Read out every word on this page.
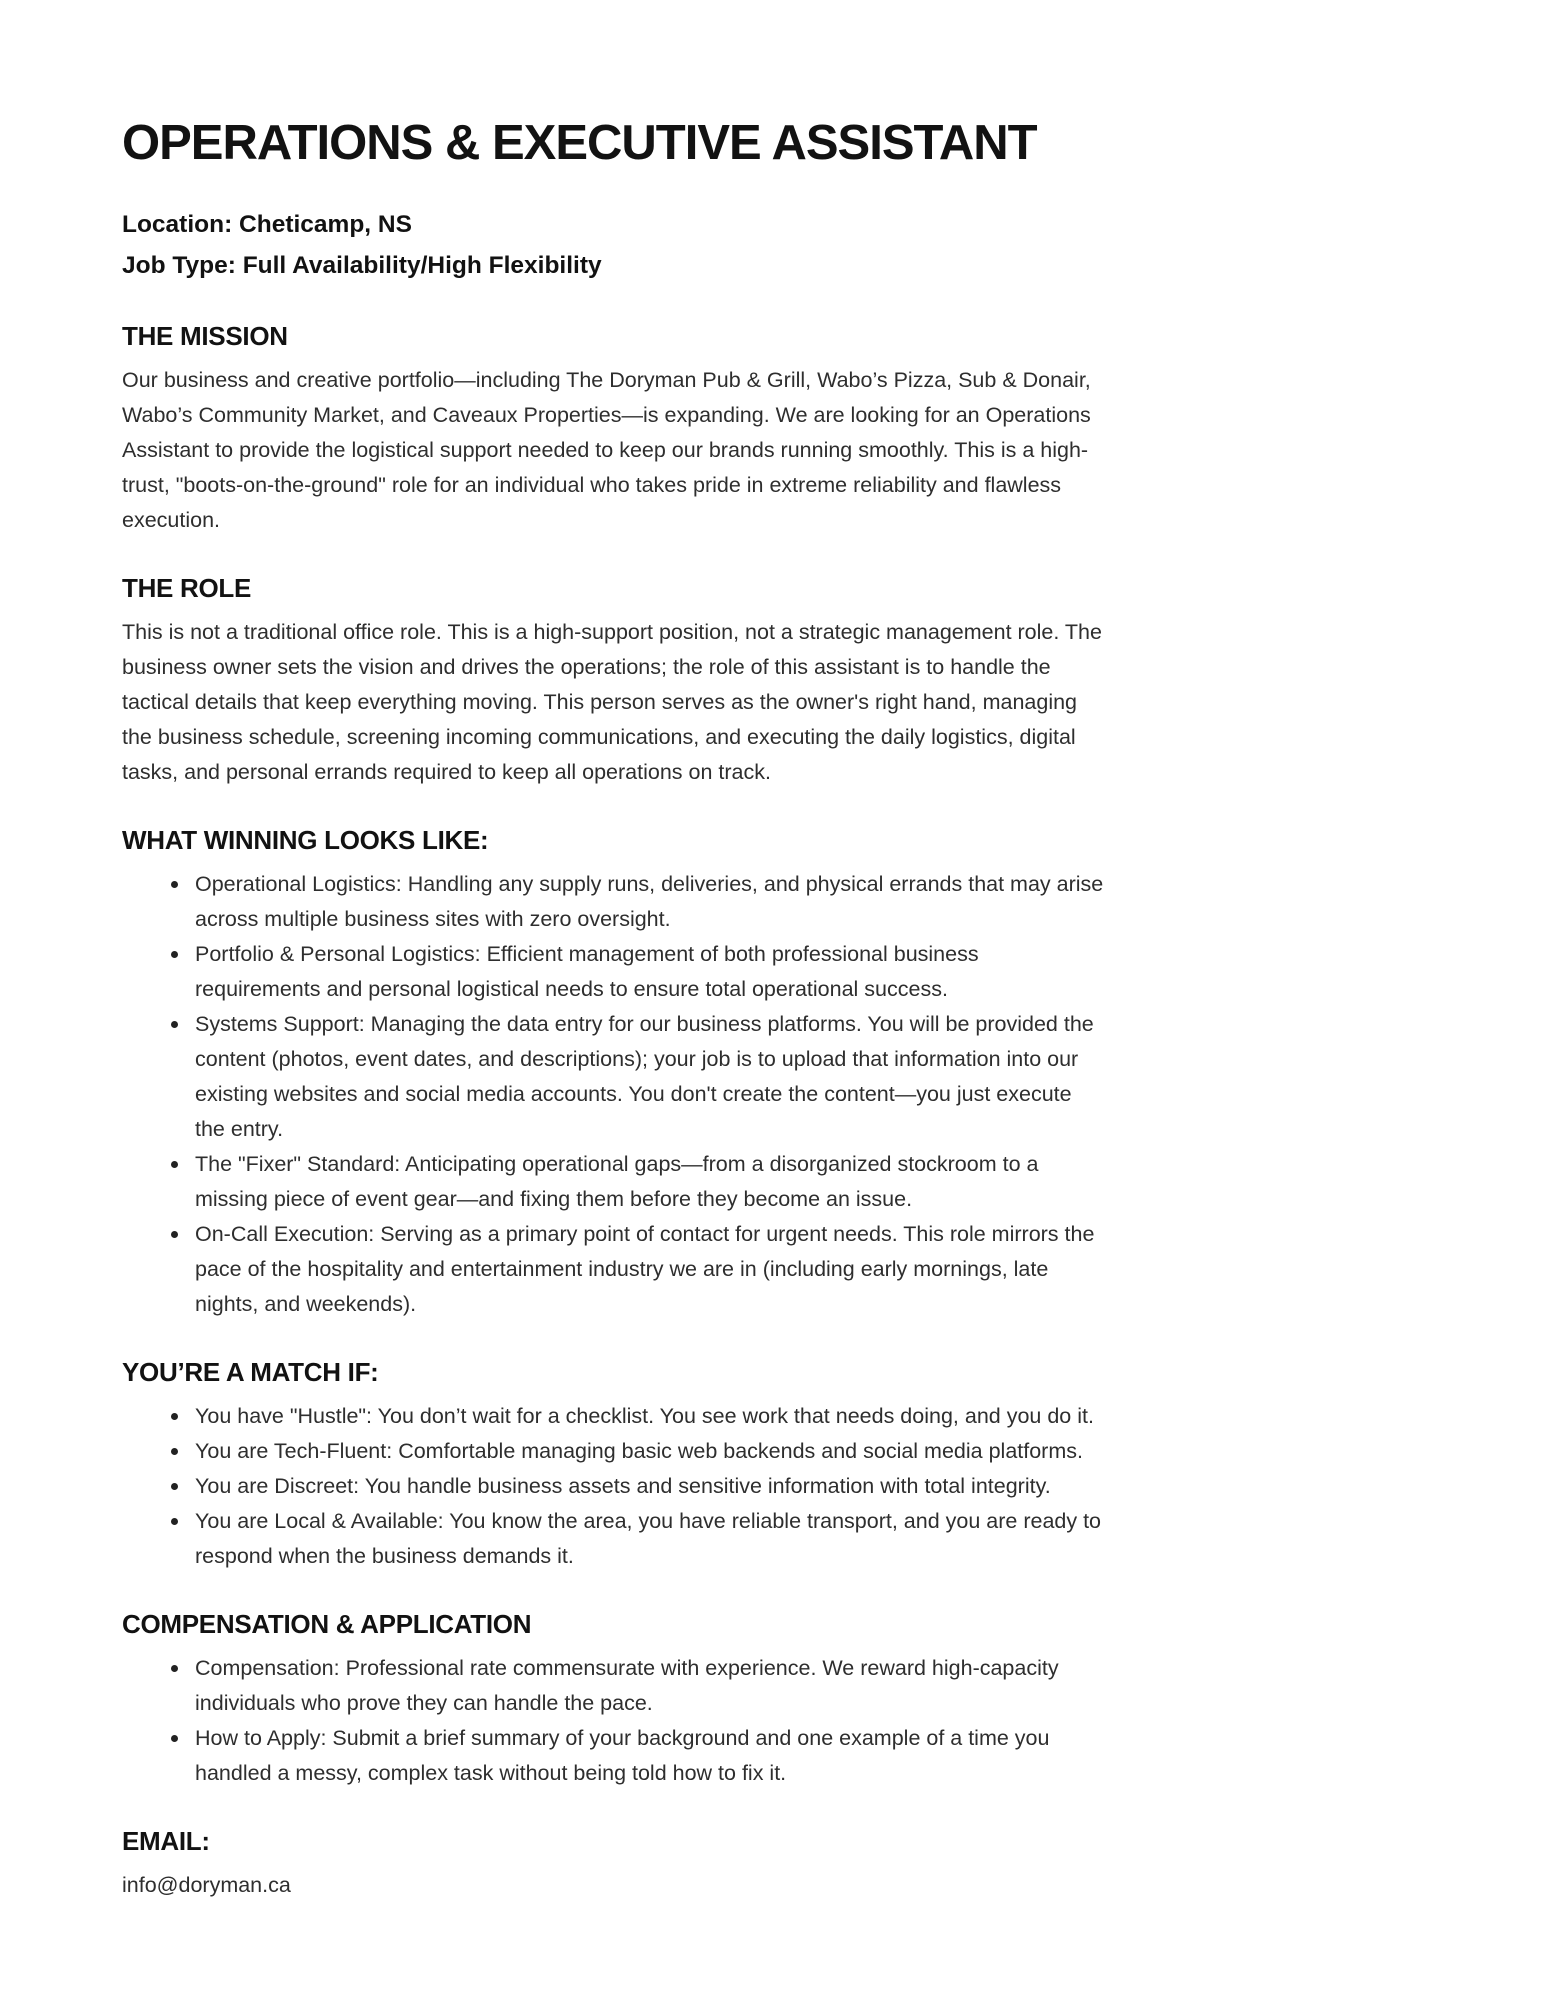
OPERATIONS & EXECUTIVE ASSISTANT

Location: Cheticamp, NS

Job Type: Full Availability/High Flexibility

THE MISSION

Our business and creative portfolio—including The Doryman Pub & Grill, Wabo’s Pizza, Sub & Donair, Wabo’s Community Market, and Caveaux Properties—is expanding. We are looking for an Operations Assistant to provide the logistical support needed to keep our brands running smoothly. This is a high-trust, "boots-on-the-ground" role for an individual who takes pride in extreme reliability and flawless execution.

THE ROLE

This is not a traditional office role. This is a high-support position, not a strategic management role. The business owner sets the vision and drives the operations; the role of this assistant is to handle the tactical details that keep everything moving. This person serves as the owner's right hand, managing the business schedule, screening incoming communications, and executing the daily logistics, digital tasks, and personal errands required to keep all operations on track.

WHAT WINNING LOOKS LIKE:
Operational Logistics: Handling any supply runs, deliveries, and physical errands that may arise across multiple business sites with zero oversight.
Portfolio & Personal Logistics: Efficient management of both professional business requirements and personal logistical needs to ensure total operational success.
Systems Support: Managing the data entry for our business platforms. You will be provided the content (photos, event dates, and descriptions); your job is to upload that information into our existing websites and social media accounts. You don't create the content—you just execute the entry.
The "Fixer" Standard: Anticipating operational gaps—from a disorganized stockroom to a missing piece of event gear—and fixing them before they become an issue.
On-Call Execution: Serving as a primary point of contact for urgent needs. This role mirrors the pace of the hospitality and entertainment industry we are in (including early mornings, late nights, and weekends).
YOU’RE A MATCH IF:
You have "Hustle": You don’t wait for a checklist. You see work that needs doing, and you do it.
You are Tech-Fluent: Comfortable managing basic web backends and social media platforms.
You are Discreet: You handle business assets and sensitive information with total integrity.
You are Local & Available: You know the area, you have reliable transport, and you are ready to respond when the business demands it.
COMPENSATION & APPLICATION
Compensation: Professional rate commensurate with experience. We reward high-capacity individuals who prove they can handle the pace.
How to Apply: Submit a brief summary of your background and one example of a time you handled a messy, complex task without being told how to fix it.
EMAIL:

info@doryman.ca
